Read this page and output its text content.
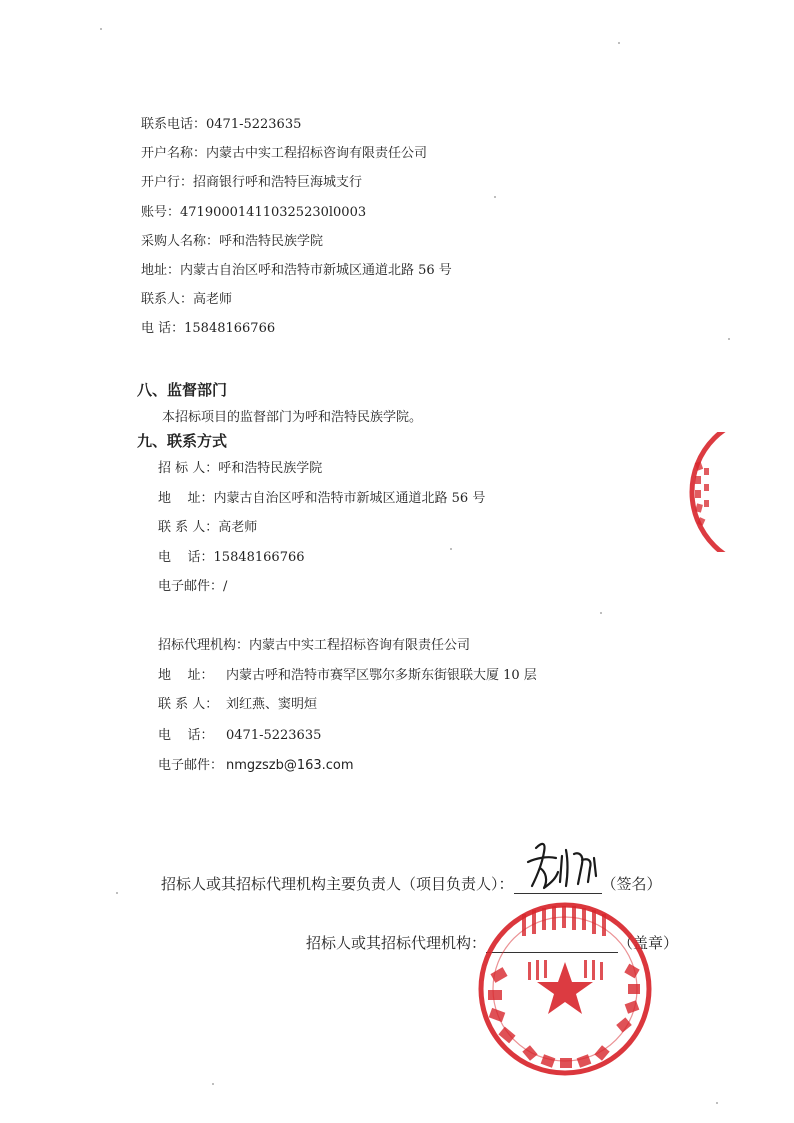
联系电话：0471-5223635
开户名称：内蒙古中实工程招标咨询有限责任公司
开户行：招商银行呼和浩特巨海城支行
账号：471900014110325230l0003
采购人名称：呼和浩特民族学院
地址：内蒙古自治区呼和浩特市新城区通道北路 56 号
联系人：高老师
电 话：15848166766
八、监督部门
本招标项目的监督部门为呼和浩特民族学院。
九、联系方式
招 标 人：呼和浩特民族学院
地    址：内蒙古自治区呼和浩特市新城区通道北路 56 号
联 系 人：高老师
电    话：15848166766
电子邮件：/
招标代理机构：内蒙古中实工程招标咨询有限责任公司
地    址： 内蒙古呼和浩特市赛罕区鄂尔多斯东街银联大厦 10 层
联 系 人： 刘红燕、窦明烜
电    话： 0471-5223635
电子邮件： nmgzszb@163.com
招标人或其招标代理机构主要负责人（项目负责人）：	（签名）
招标人或其招标代理机构：	（盖章）
